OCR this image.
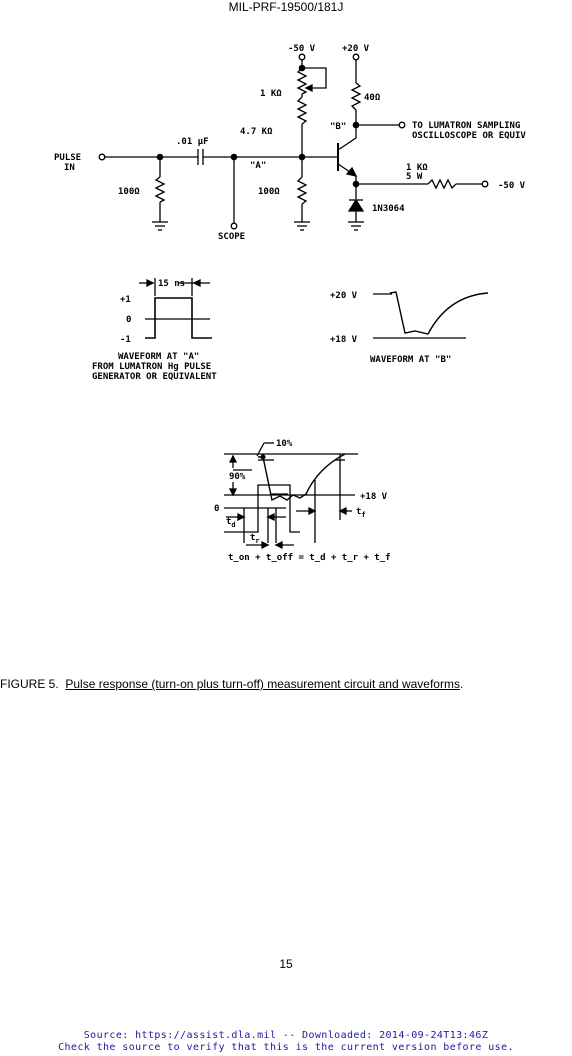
MIL-PRF-19500/181J
PULSE
IN
.01 μF
"A"
"B"
100Ω
SCOPE
-50 V	+20 V
1 KΩ
4.7 KΩ
100Ω
40Ω
TO LUMATRON SAMPLING
OSCILLOSCOPE OR EQUIV
1 KΩ
5 W
-50 V
1N3064
15 ns
+1
0
-1
WAVEFORM AT "A"
FROM LUMATRON Hg PULSE
GENERATOR OR EQUIVALENT
+20 V
+18 V
WAVEFORM AT "B"
10%
90%
+18 V
0
$t_d$
$t_r$
$t_f$
t_on + t_off = t_d + t_r + t_f
FIGURE 5. Pulse response (turn-on plus turn-off) measurement circuit and waveforms.
15
Source: https://assist.dla.mil -- Downloaded: 2014-09-24T13:46Z
Check the source to verify that this is the current version before use.
